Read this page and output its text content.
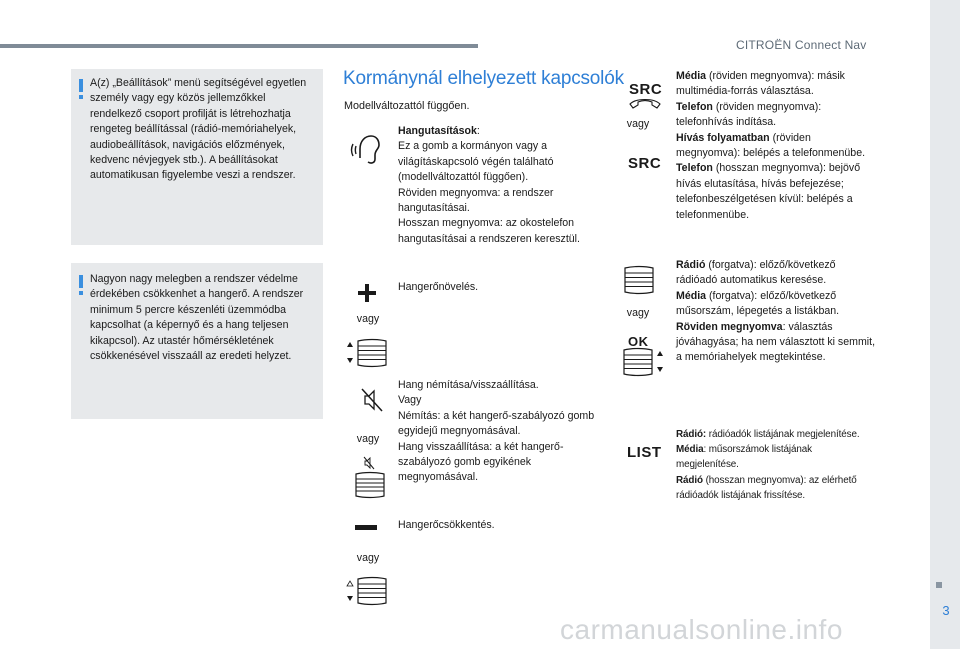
CITROËN Connect Nav
3
A(z) „Beállítások” menü segítségével egyetlen személy vagy egy közös jellemzőkkel rendelkező csoport profilját is létrehozhatja rengeteg beállítással (rádió-memóriahelyek, audiobeállítások, navigációs előzmények, kedvenc névjegyek stb.). A beállításokat automatikusan figyelembe veszi a rendszer.
Nagyon nagy melegben a rendszer védelme érdekében csökkenhet a hangerő. A rendszer minimum 5 percre készenléti üzemmódba kapcsolhat (a képernyő és a hang teljesen kikapcsol). Az utastér hőmérsékletének csökkenésével visszaáll az eredeti helyzet.
Kormánynál elhelyezett kapcsolók
Modellváltozattól függően.
Hangutasítások:
Ez a gomb a kormányon vagy a világításkapcsoló végén található (modellváltozattól függően).
Röviden megnyomva: a rendszer hangutasításai.
Hosszan megnyomva: az okostelefon hangutasításai a rendszeren keresztül.
Hangerőnövelés.
vagy
Hang némítása/visszaállítása.
Vagy
Némítás: a két hangerő-szabályozó gomb egyidejű megnyomásával.
Hang visszaállítása: a két hangerő-szabályozó gomb egyikének megnyomásával.
vagy
Hangerőcsökkentés.
vagy
SRC
vagy
SRC
Média (röviden megnyomva): másik multimédia-forrás választása.
Telefon (röviden megnyomva): telefonhívás indítása.
Hívás folyamatban (röviden megnyomva): belépés a telefonmenübe.
Telefon (hosszan megnyomva): bejövő hívás elutasítása, hívás befejezése; telefonbeszélgetésen kívül: belépés a telefonmenübe.
vagy
OK
Rádió (forgatva): előző/következő rádióadó automatikus keresése.
Média (forgatva): előző/következő műsorszám, lépegetés a listákban.
Röviden megnyomva: választás jóváhagyása; ha nem választott ki semmit, a memóriahelyek megtekintése.
LIST
Rádió: rádióadók listájának megjelenítése.
Média: műsorszámok listájának megjelenítése.
Rádió (hosszan megnyomva): az elérhető rádióadók listájának frissítése.
carmanualsonline.info
